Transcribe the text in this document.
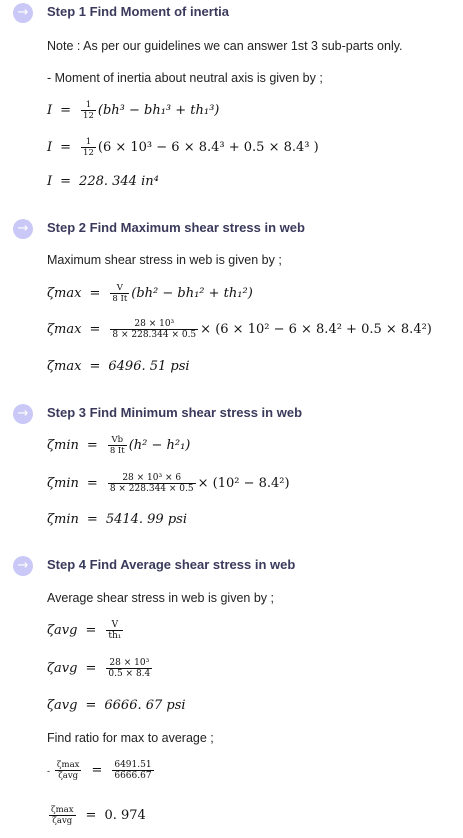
→	Step 1 Find Moment of inertia
Note : As per our guidelines we can answer 1st 3 sub-parts only.
- Moment of inertia about neutral axis is given by ;
$I = \frac{1}{12} (bh^3 - bh_1^3 + th_1^3)$
$I = \frac{1}{12} (6 \times 10^3 - 6 \times 8.4^3 + 0.5 \times 8.4^3$ )
I = 228. 344 in⁴
→	Step 2 Find Maximum shear stress in web
Maximum shear stress in web is given by ;
$\zeta\max = \frac{V}{8 It} (bh^2 - bh_1^2 + th_1^2)$
$\zeta\max = \frac{\text{28 × 10³}}{8 \times 228.344 \times 0.5} \times (6 \times 10^2 - 6 \times 8.4^2 + 0.5 \times 8.4^2)$
ζmax = 6496. 51 psi
→	Step 3 Find Minimum shear stress in web
$\zeta\min = \frac{Vb}{8 It} (h^2 - h^2_1)$
$\zeta\min = \frac{\text{28 × 10³ × 6}}{8 \times 228.344 \times 0.5} \times (10^2 - 8.4^2)$
ζmin = 5414. 99 psi
→	Step 4 Find Average shear stress in web
Average shear stress in web is given by ;
$\zeta avg = \frac{V}{\text{th₁}}$
$\zeta avg = \frac{\text{28 × 10³}}{0.5 \times 8.4}$
ζavg = 6666. 67 psi
Find ratio for max to average ;
- $\frac{\zeta\max}{\text{ζavg}} = \frac{6491.51}{6666.67}$
$\frac{\zeta\max}{\text{ζavg}} = 0$. 974
